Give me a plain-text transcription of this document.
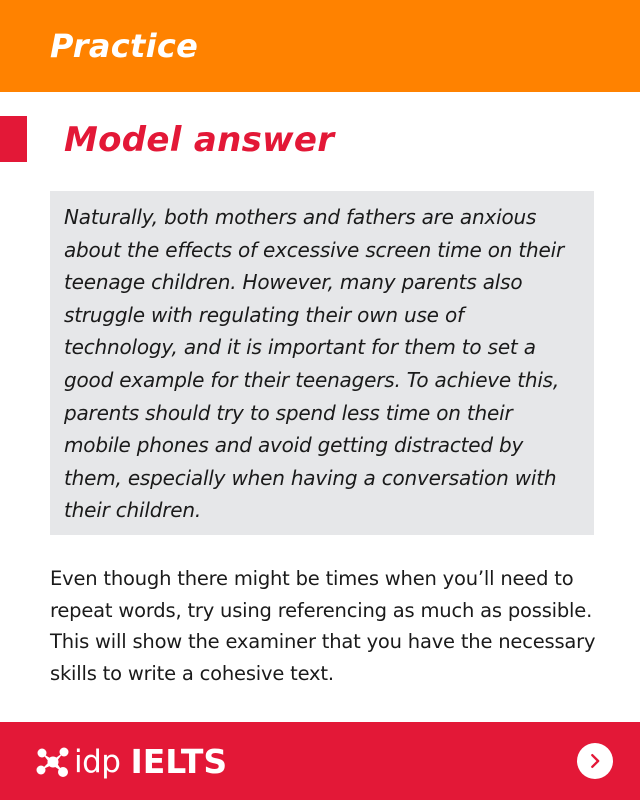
Practice
Model answer

Naturally, both mothers and fathers are anxious about the effects of excessive screen time on their teenage children. However, many parents also struggle with regulating their own use of technology, and it is important for them to set a good example for their teenagers. To achieve this, parents should try to spend less time on their mobile phones and avoid getting distracted by them, especially when having a conversation with their children.

Even though there might be times when you’ll need to repeat words, try using referencing as much as possible. This will show the examiner that you have the necessary skills to write a cohesive text.

idp IELTS
